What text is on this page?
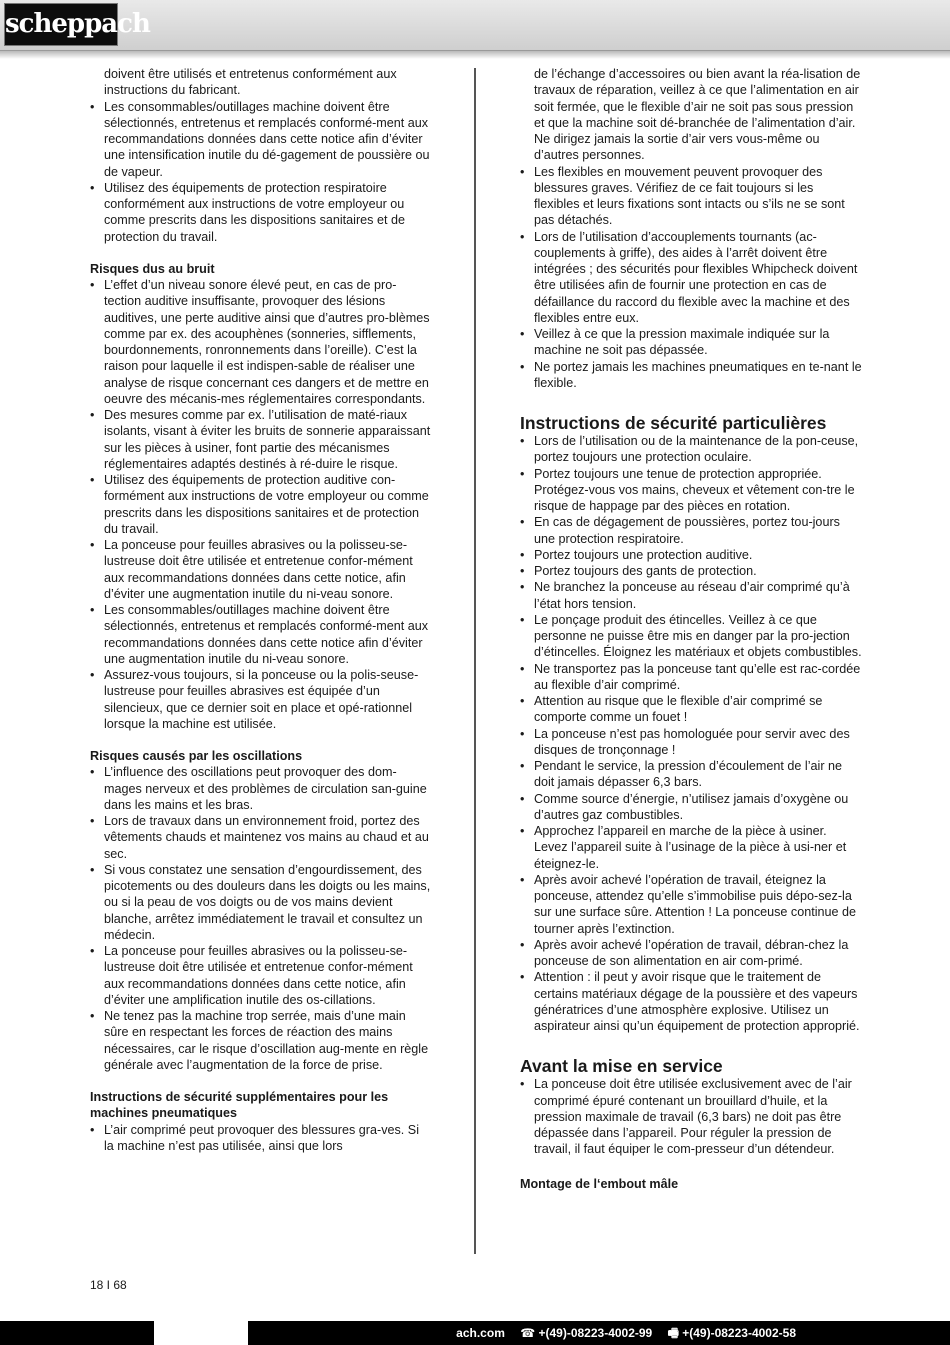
scheppach

doivent être utilisés et entretenus conformément aux instructions du fabricant.

• Les consommables/outillages machine doivent être sélectionnés, entretenus et remplacés conformé-ment aux recommandations données dans cette notice afin d’éviter une intensification inutile du dé-gagement de poussière ou de vapeur.
• Utilisez des équipements de protection respiratoire conformément aux instructions de votre employeur ou comme prescrits dans les dispositions sanitaires et de protection du travail.

Risques dus au bruit

• L’effet d’un niveau sonore élevé peut, en cas de pro-tection auditive insuffisante, provoquer des lésions auditives, une perte auditive ainsi que d’autres pro-blèmes comme par ex. des acouphènes (sonneries, sifflements, bourdonnements, ronronnements dans l’oreille). C’est la raison pour laquelle il est indispen-sable de réaliser une analyse de risque concernant ces dangers et de mettre en oeuvre des mécanis-mes réglementaires correspondants.
• Des mesures comme par ex. l’utilisation de maté-riaux isolants, visant à éviter les bruits de sonnerie apparaissant sur les pièces à usiner, font partie des mécanismes réglementaires adaptés destinés à ré-duire le risque.
• Utilisez des équipements de protection auditive con-formément aux instructions de votre employeur ou comme prescrits dans les dispositions sanitaires et de protection du travail.
• La ponceuse pour feuilles abrasives ou la polisseu-se- lustreuse doit être utilisée et entretenue confor-mément aux recommandations données dans cette notice, afin d’éviter une augmentation inutile du ni-veau sonore.
• Les consommables/outillages machine doivent être sélectionnés, entretenus et remplacés conformé-ment aux recommandations données dans cette notice afin d’éviter une augmentation inutile du ni-veau sonore.
• Assurez-vous toujours, si la ponceuse ou la polis-seuse-lustreuse pour feuilles abrasives est équipée d’un silencieux, que ce dernier soit en place et opé-rationnel lorsque la machine est utilisée.

Risques causés par les oscillations

• L’influence des oscillations peut provoquer des dom-mages nerveux et des problèmes de circulation san-guine dans les mains et les bras.
• Lors de travaux dans un environnement froid, portez des vêtements chauds et maintenez vos mains au chaud et au sec.
• Si vous constatez une sensation d’engourdissement, des picotements ou des douleurs dans les doigts ou les mains, ou si la peau de vos doigts ou de vos mains devient blanche, arrêtez immédiatement le travail et consultez un médecin.
• La ponceuse pour feuilles abrasives ou la polisseu-se- lustreuse doit être utilisée et entretenue confor-mément aux recommandations données dans cette notice, afin d’éviter une amplification inutile des os-cillations.
• Ne tenez pas la machine trop serrée, mais d’une main sûre en respectant les forces de réaction des mains nécessaires, car le risque d’oscillation aug-mente en règle générale avec l’augmentation de la force de prise.

Instructions de sécurité supplémentaires pour les machines pneumatiques

• L’air comprimé peut provoquer des blessures gra-ves. Si la machine n’est pas utilisée, ainsi que lors

de l’échange d’accessoires ou bien avant la réa-lisation de travaux de réparation, veillez à ce que l’alimentation en air soit fermée, que le flexible d’air ne soit pas sous pression et que la machine soit dé-branchée de l’alimentation d’air. Ne dirigez jamais la sortie d’air vers vous-même ou d’autres personnes.

• Les flexibles en mouvement peuvent provoquer des blessures graves. Vérifiez de ce fait toujours si les flexibles et leurs fixations sont intacts ou s’ils ne se sont pas détachés.
• Lors de l’utilisation d’accouplements tournants (ac-couplements à griffe), des aides à l’arrêt doivent être intégrées ; des sécurités pour flexibles Whipcheck doivent être utilisées afin de fournir une protection en cas de défaillance du raccord du flexible avec la machine et des flexibles entre eux.
• Veillez à ce que la pression maximale indiquée sur la machine ne soit pas dépassée.
• Ne portez jamais les machines pneumatiques en te-nant le flexible.
Instructions de sécurité particulières
• Lors de l’utilisation ou de la maintenance de la pon-ceuse, portez toujours une protection oculaire.
• Portez toujours une tenue de protection appropriée. Protégez-vous vos mains, cheveux et vêtement con-tre le risque de happage par des pièces en rotation.
• En cas de dégagement de poussières, portez tou-jours une protection respiratoire.
• Portez toujours une protection auditive.
• Portez toujours des gants de protection.
• Ne branchez la ponceuse au réseau d’air comprimé qu’à l’état hors tension.
• Le ponçage produit des étincelles. Veillez à ce que personne ne puisse être mis en danger par la pro-jection d’étincelles. Éloignez les matériaux et objets combustibles.
• Ne transportez pas la ponceuse tant qu’elle est rac-cordée au flexible d’air comprimé.
• Attention au risque que le flexible d’air comprimé se comporte comme un fouet !
• La ponceuse n’est pas homologuée pour servir avec des disques de tronçonnage !
• Pendant le service, la pression d’écoulement de l’air ne doit jamais dépasser 6,3 bars.
• Comme source d’énergie, n’utilisez jamais d’oxygène ou d’autres gaz combustibles.
• Approchez l’appareil en marche de la pièce à usiner. Levez l’appareil suite à l’usinage de la pièce à usi-ner et éteignez-le.
• Après avoir achevé l’opération de travail, éteignez la ponceuse, attendez qu’elle s’immobilise puis dépo-sez-la sur une surface sûre. Attention ! La ponceuse continue de tourner après l’extinction.
• Après avoir achevé l’opération de travail, débran-chez la ponceuse de son alimentation en air com-primé.
• Attention : il peut y avoir risque que le traitement de certains matériaux dégage de la poussière et des vapeurs génératrices d’une atmosphère explosive. Utilisez un aspirateur ainsi qu’un équipement de protection approprié.
Avant la mise en service
• La ponceuse doit être utilisée exclusivement avec de l’air comprimé épuré contenant un brouillard d’huile, et la pression maximale de travail (6,3 bars) ne doit pas être dépassée dans l’appareil. Pour réguler la pression de travail, il faut équiper le com-presseur d’un détendeur.

Montage de l‘embout mâle

18 I 68
ach.com ☎ +(49)-08223-4002-99 🖷 +(49)-08223-4002-58
